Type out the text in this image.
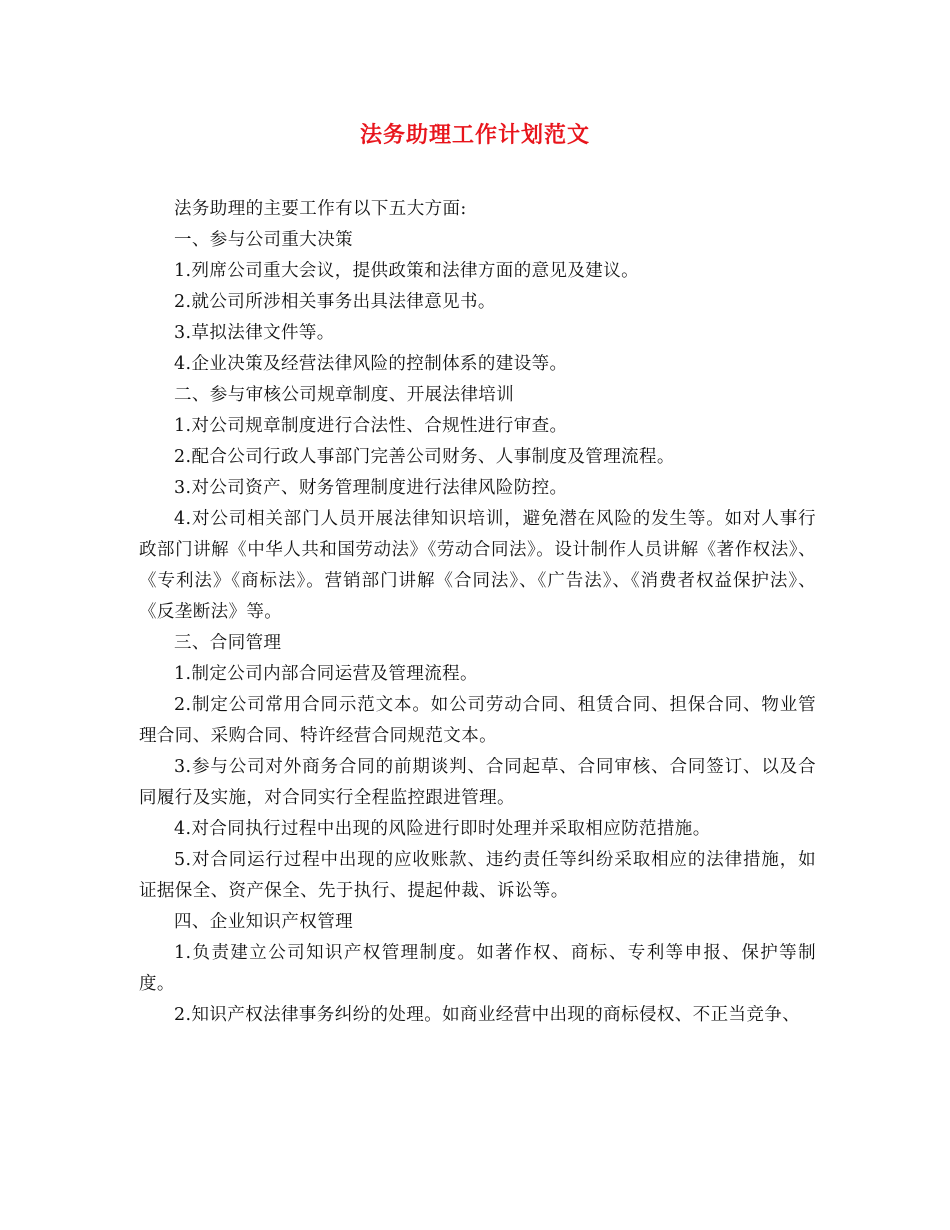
法务助理工作计划范文

法务助理的主要工作有以下五大方面:

一、参与公司重大决策

1.列席公司重大会议，提供政策和法律方面的意见及建议。

2.就公司所涉相关事务出具法律意见书。

3.草拟法律文件等。

4.企业决策及经营法律风险的控制体系的建设等。

二、参与审核公司规章制度、开展法律培训

1.对公司规章制度进行合法性、合规性进行审查。

2.配合公司行政人事部门完善公司财务、人事制度及管理流程。

3.对公司资产、财务管理制度进行法律风险防控。

4.对公司相关部门人员开展法律知识培训，避免潜在风险的发生等。如对人事行政部门讲解《中华人共和国劳动法》《劳动合同法》。设计制作人员讲解《著作权法》、《专利法》《商标法》。营销部门讲解《合同法》、《广告法》、《消费者权益保护法》、《反垄断法》等。

三、合同管理

1.制定公司内部合同运营及管理流程。

2.制定公司常用合同示范文本。如公司劳动合同、租赁合同、担保合同、物业管理合同、采购合同、特许经营合同规范文本。

3.参与公司对外商务合同的前期谈判、合同起草、合同审核、合同签订、以及合同履行及实施，对合同实行全程监控跟进管理。

4.对合同执行过程中出现的风险进行即时处理并采取相应防范措施。

5.对合同运行过程中出现的应收账款、违约责任等纠纷采取相应的法律措施，如证据保全、资产保全、先于执行、提起仲裁、诉讼等。

四、企业知识产权管理

1.负责建立公司知识产权管理制度。如著作权、商标、专利等申报、保护等制度。

2.知识产权法律事务纠纷的处理。如商业经营中出现的商标侵权、不正当竞争、
